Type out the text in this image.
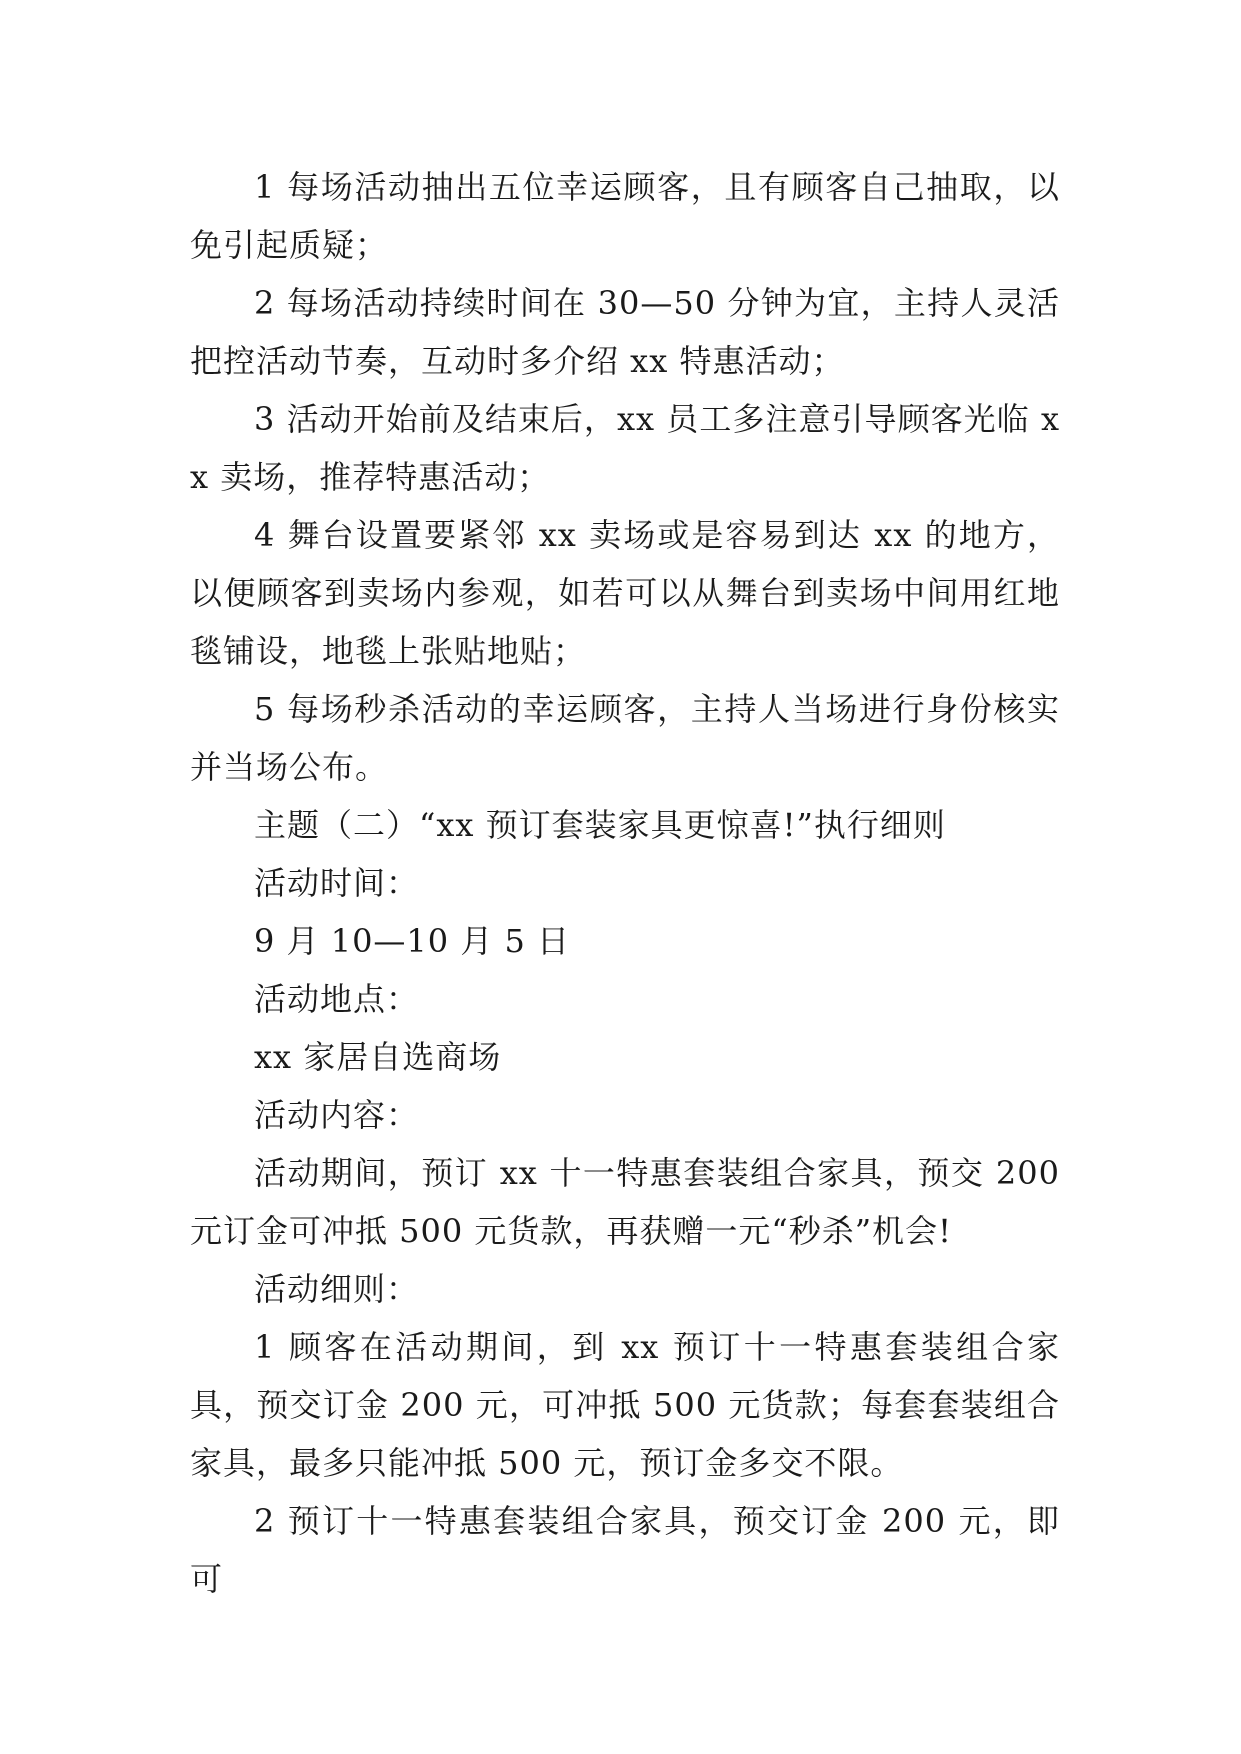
1 每场活动抽出五位幸运顾客，且有顾客自己抽取，以免引起质疑；

2 每场活动持续时间在 30—50 分钟为宜，主持人灵活把控活动节奏，互动时多介绍 xx 特惠活动；

3 活动开始前及结束后，xx 员工多注意引导顾客光临 xx 卖场，推荐特惠活动；

4 舞台设置要紧邻 xx 卖场或是容易到达 xx 的地方，以便顾客到卖场内参观，如若可以从舞台到卖场中间用红地毯铺设，地毯上张贴地贴；

5 每场秒杀活动的幸运顾客，主持人当场进行身份核实并当场公布。

主题（二）“xx 预订套装家具更惊喜!”执行细则

活动时间：

9 月 10—10 月 5 日

活动地点：

xx 家居自选商场

活动内容：

活动期间，预订 xx 十一特惠套装组合家具，预交 200 元订金可冲抵 500 元货款，再获赠一元“秒杀”机会!

活动细则：

1 顾客在活动期间，到 xx 预订十一特惠套装组合家具，预交订金 200 元，可冲抵 500 元货款；每套套装组合家具，最多只能冲抵 500 元，预订金多交不限。

2 预订十一特惠套装组合家具，预交订金 200 元，即可
